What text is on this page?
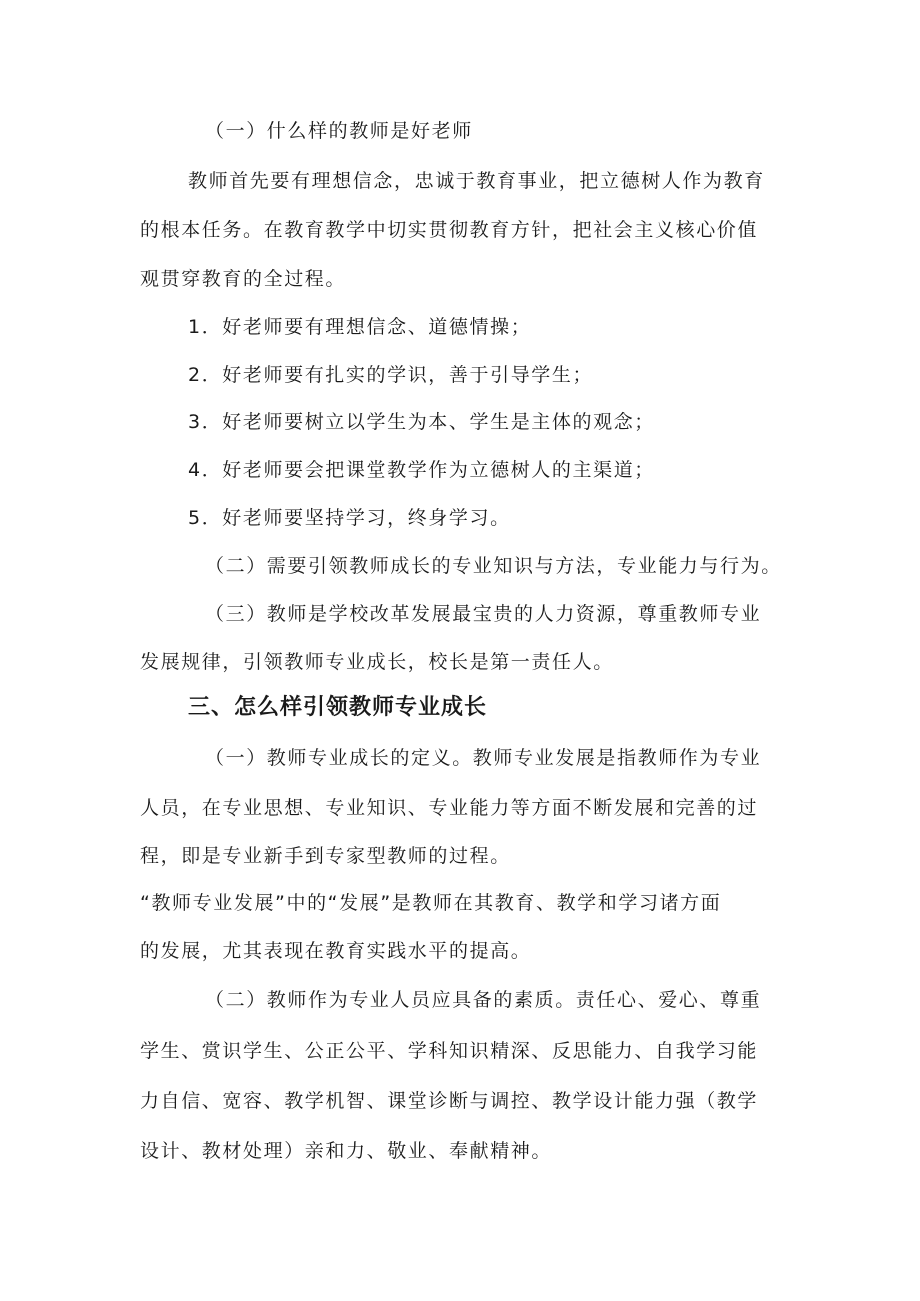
（一）什么样的教师是好老师
教师首先要有理想信念，忠诚于教育事业，把立德树人作为教育
的根本任务。在教育教学中切实贯彻教育方针，把社会主义核心价值
观贯穿教育的全过程。
1．好老师要有理想信念、道德情操；
2．好老师要有扎实的学识，善于引导学生；
3．好老师要树立以学生为本、学生是主体的观念；
4．好老师要会把课堂教学作为立德树人的主渠道；
5．好老师要坚持学习，终身学习。
（二）需要引领教师成长的专业知识与方法，专业能力与行为。
（三）教师是学校改革发展最宝贵的人力资源，尊重教师专业
发展规律，引领教师专业成长，校长是第一责任人。
三、怎么样引领教师专业成长
（一）教师专业成长的定义。教师专业发展是指教师作为专业
人员，在专业思想、专业知识、专业能力等方面不断发展和完善的过
程，即是专业新手到专家型教师的过程。
“教师专业发展”中的“发展”是教师在其教育、教学和学习诸方面
的发展，尤其表现在教育实践水平的提高。
（二）教师作为专业人员应具备的素质。责任心、爱心、尊重
学生、赏识学生、公正公平、学科知识精深、反思能力、自我学习能
力自信、宽容、教学机智、课堂诊断与调控、教学设计能力强（教学
设计、教材处理）亲和力、敬业、奉献精神。
